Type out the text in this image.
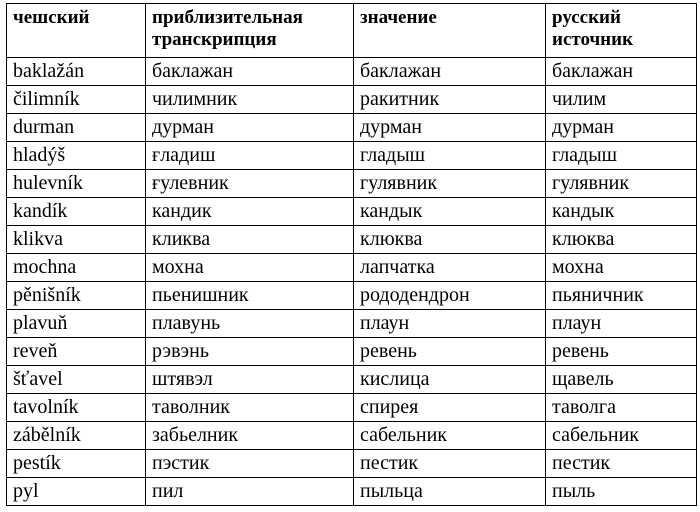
чешский	приблизительная транскрипция	значение	русский источник
baklažán	баклажан	баклажан	баклажан
čilimník	чилимник	ракитник	чилим
durman	дурман	дурман	дурман
hladýš	ғладиш	гладыш	гладыш
hulevník	ғулевник	гулявник	гулявник
kandík	кандик	кандык	кандык
klikva	кликва	клюква	клюква
mochna	мохна	лапчатка	мохна
pěnišník	пьенишник	рододендрон	пьяничник
plavuň	плавунь	плаун	плаун
reveň	рэвэнь	ревень	ревень
šťavel	штявэл	кислица	щавель
tavolník	таволник	спирея	таволга
zábělník	забьелник	сабельник	сабельник
pestík	пэстик	пестик	пестик
pyl	пил	пыльца	пыль
